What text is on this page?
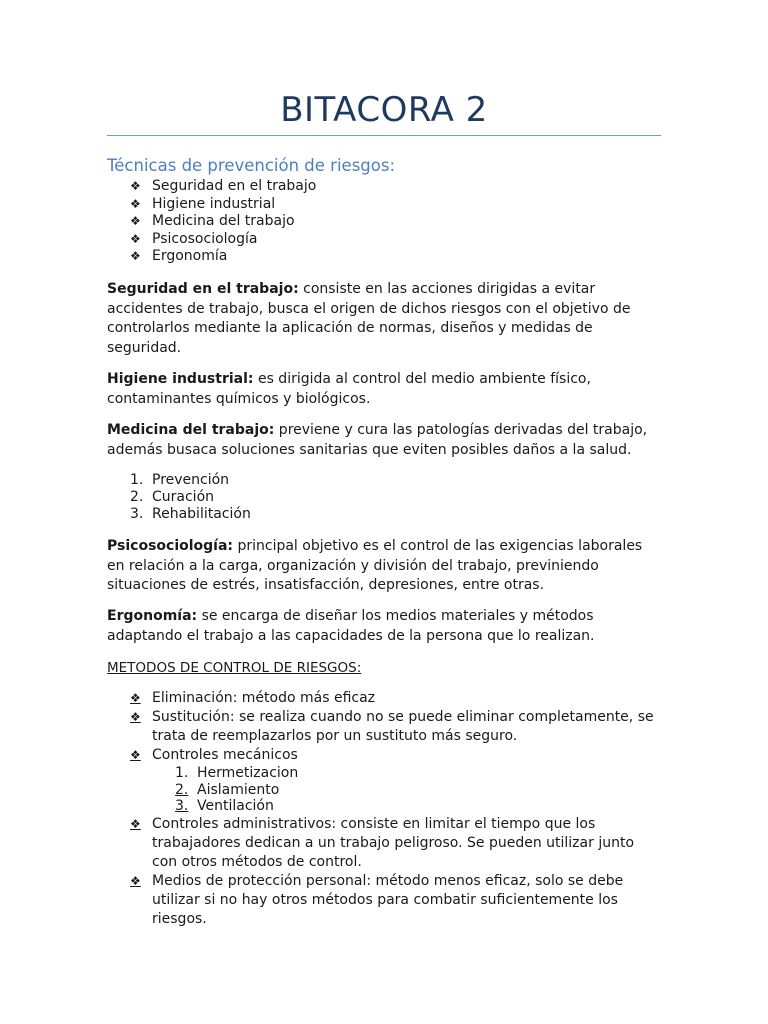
BITACORA 2
Técnicas de prevención de riesgos:
❖ Seguridad en el trabajo
❖ Higiene industrial
❖ Medicina del trabajo
❖ Psicosociología
❖ Ergonomía

Seguridad en el trabajo: consiste en las acciones dirigidas a evitar accidentes de trabajo, busca el origen de dichos riesgos con el objetivo de controlarlos mediante la aplicación de normas, diseños y medidas de seguridad.

Higiene industrial: es dirigida al control del medio ambiente físico, contaminantes químicos y biológicos.

Medicina del trabajo: previene y cura las patologías derivadas del trabajo, además busaca soluciones sanitarias que eviten posibles daños a la salud.

1. Prevención
2. Curación
3. Rehabilitación

Psicosociología: principal objetivo es el control de las exigencias laborales en relación a la carga, organización y división del trabajo, previniendo situaciones de estrés, insatisfacción, depresiones, entre otras.

Ergonomía: se encarga de diseñar los medios materiales y métodos adaptando el trabajo a las capacidades de la persona que lo realizan.

METODOS DE CONTROL DE RIESGOS:
❖ Eliminación: método más eficaz
❖ Sustitución: se realiza cuando no se puede eliminar completamente, se trata de reemplazarlos por un sustituto más seguro.
❖ Controles mecánicos
1. Hermetizacion
2. Aislamiento
3. Ventilación
❖ Controles administrativos: consiste en limitar el tiempo que los trabajadores dedican a un trabajo peligroso. Se pueden utilizar junto con otros métodos de control.
❖ Medios de protección personal: método menos eficaz, solo se debe utilizar si no hay otros métodos para combatir suficientemente los riesgos.
